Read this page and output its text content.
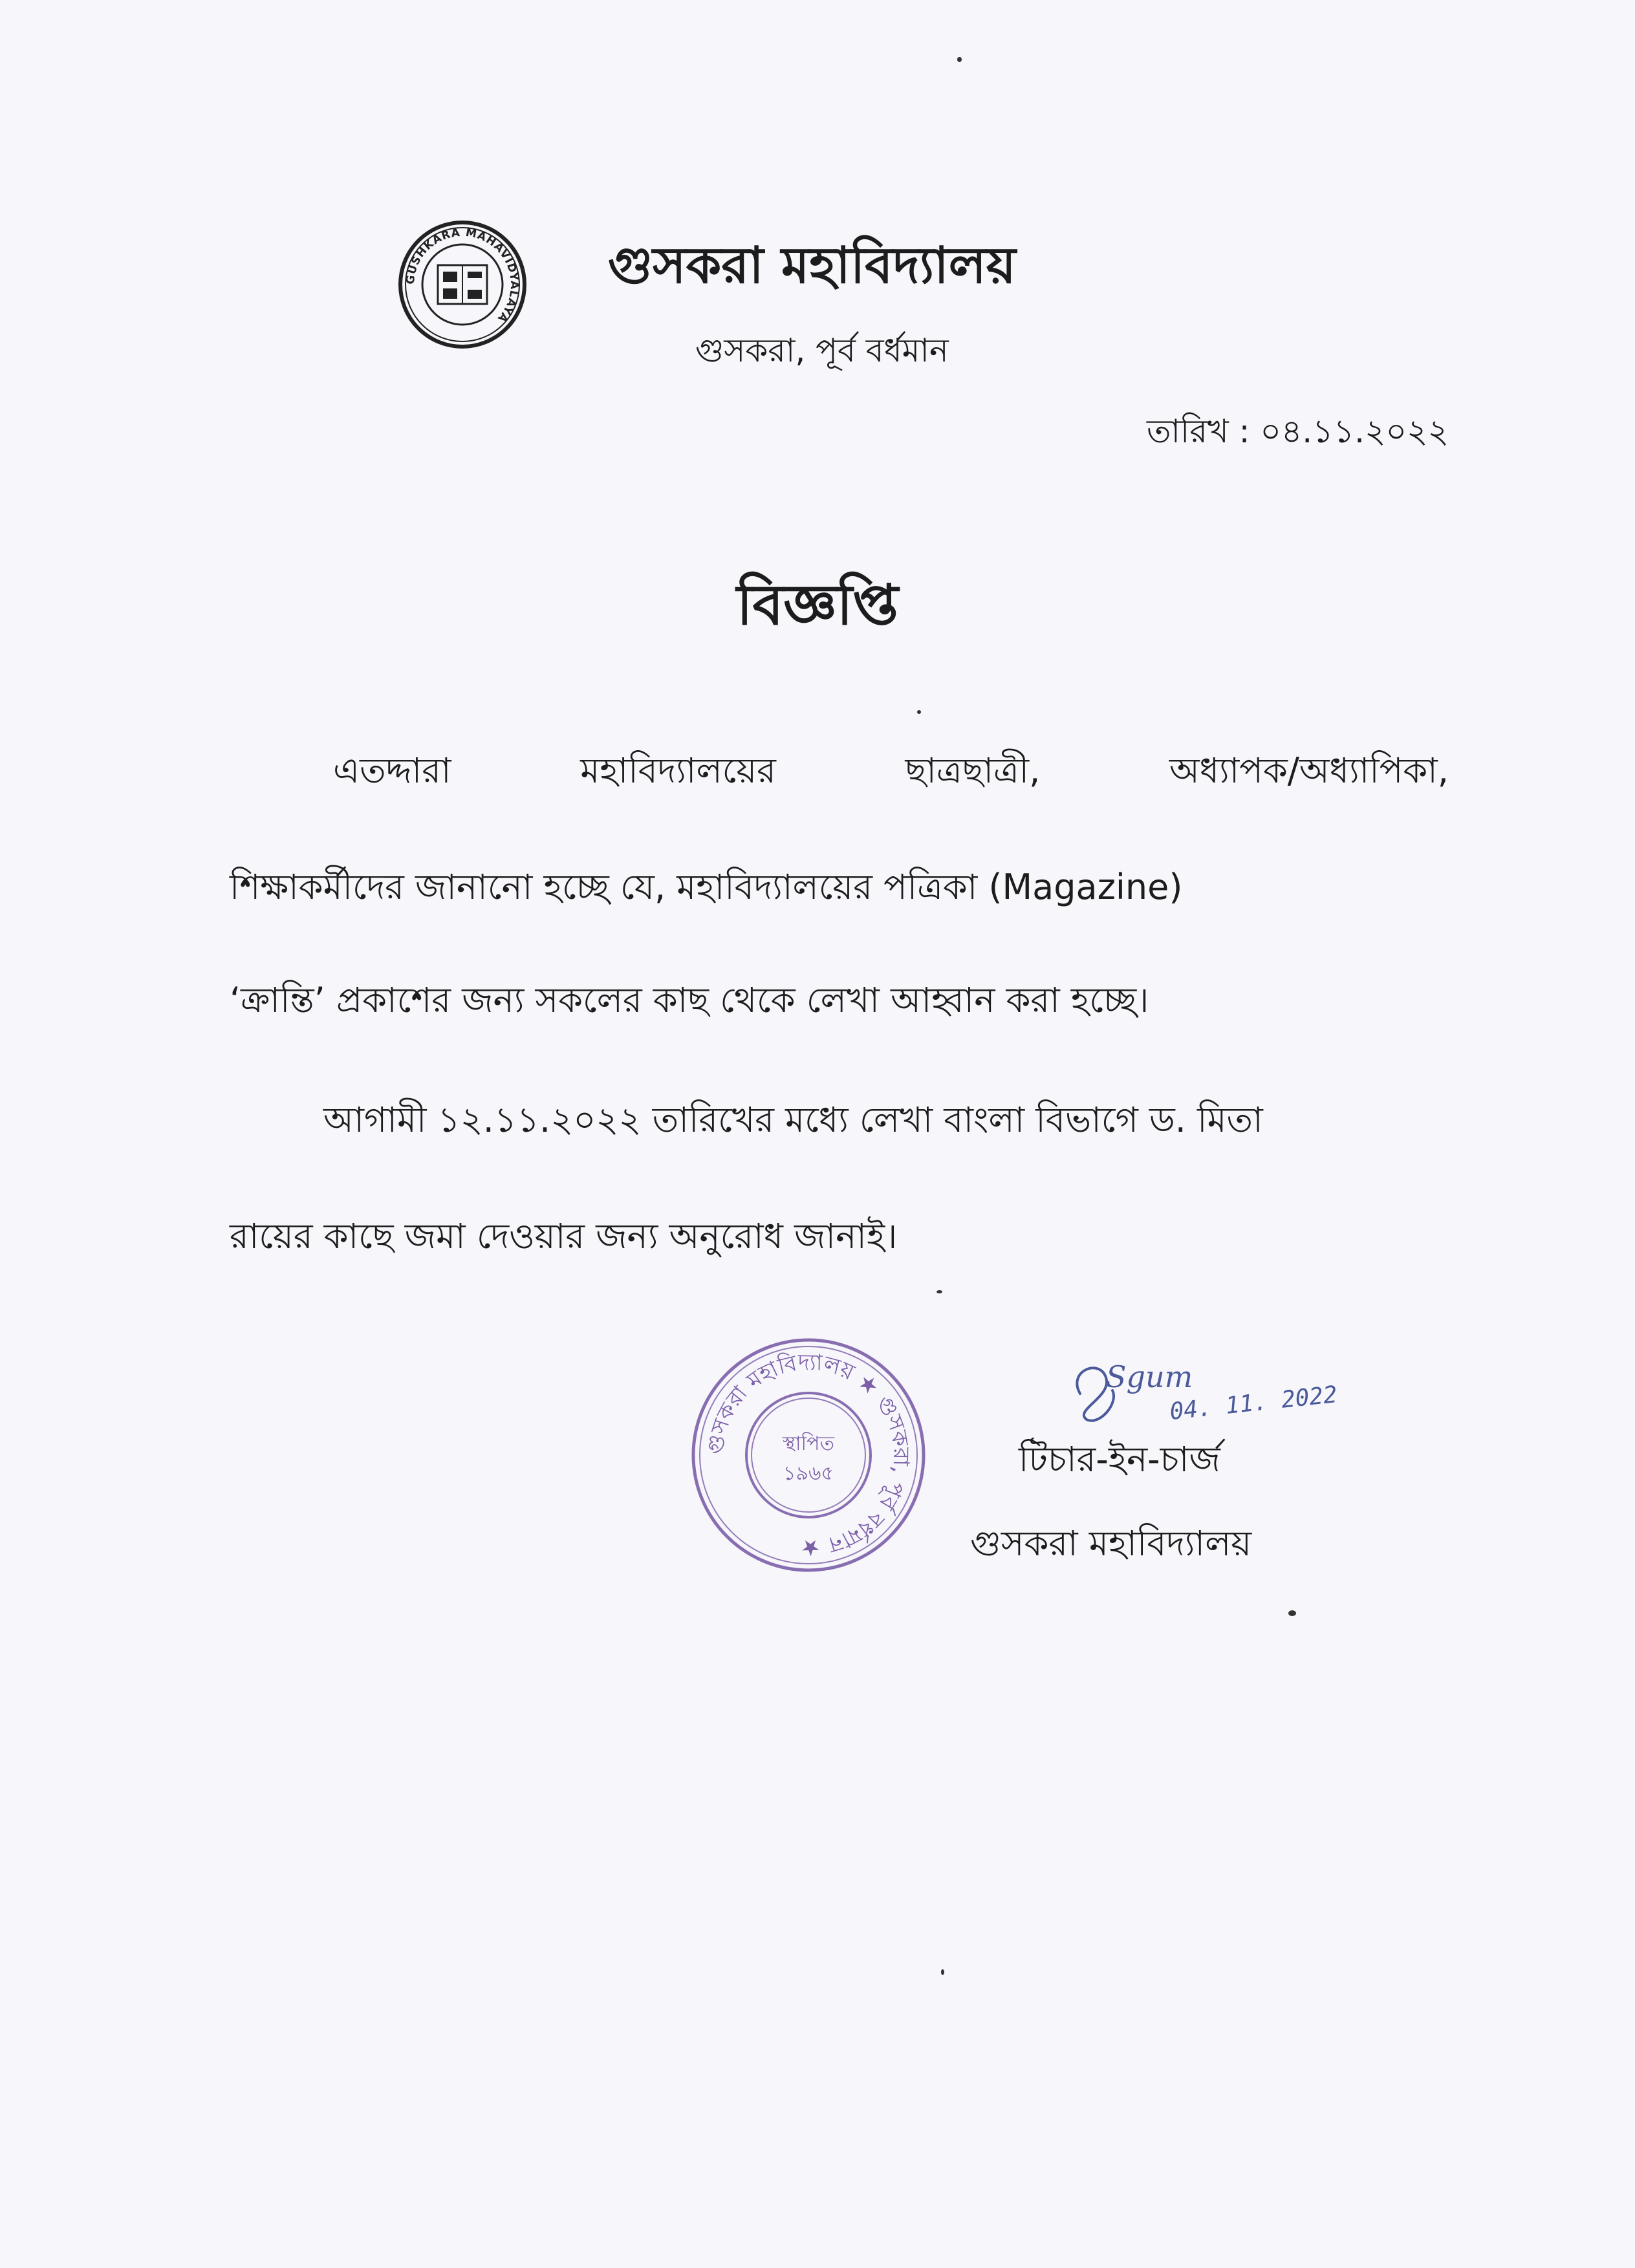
GUSHKARA MAHAVIDYALAYA
গুসকরা মহাবিদ্যালয়
গুসকরা, পূর্ব বর্ধমান
তারিখ : ০৪.১১.২০২২
বিজ্ঞপ্তি
এতদ্দারা	মহাবিদ্যালয়ের	ছাত্রছাত্রী,	অধ্যাপক/অধ্যাপিকা,
শিক্ষাকর্মীদের জানানো হচ্ছে যে, মহাবিদ্যালয়ের পত্রিকা (Magazine)
‘ক্রান্তি’ প্রকাশের জন্য সকলের কাছ থেকে লেখা আহ্বান করা হচ্ছে।
আগামী ১২.১১.২০২২ তারিখের মধ্যে লেখা বাংলা বিভাগে ড. মিতা
রায়ের কাছে জমা দেওয়ার জন্য অনুরোধ জানাই।
গুসকরা মহাবিদ্যালয় ★ গুসকরা, পূর্ব বর্ধমান ★
স্থাপিত
১৯৬৫
Sgum
04. 11. 2022
টিচার-ইন-চার্জ
গুসকরা মহাবিদ্যালয়
